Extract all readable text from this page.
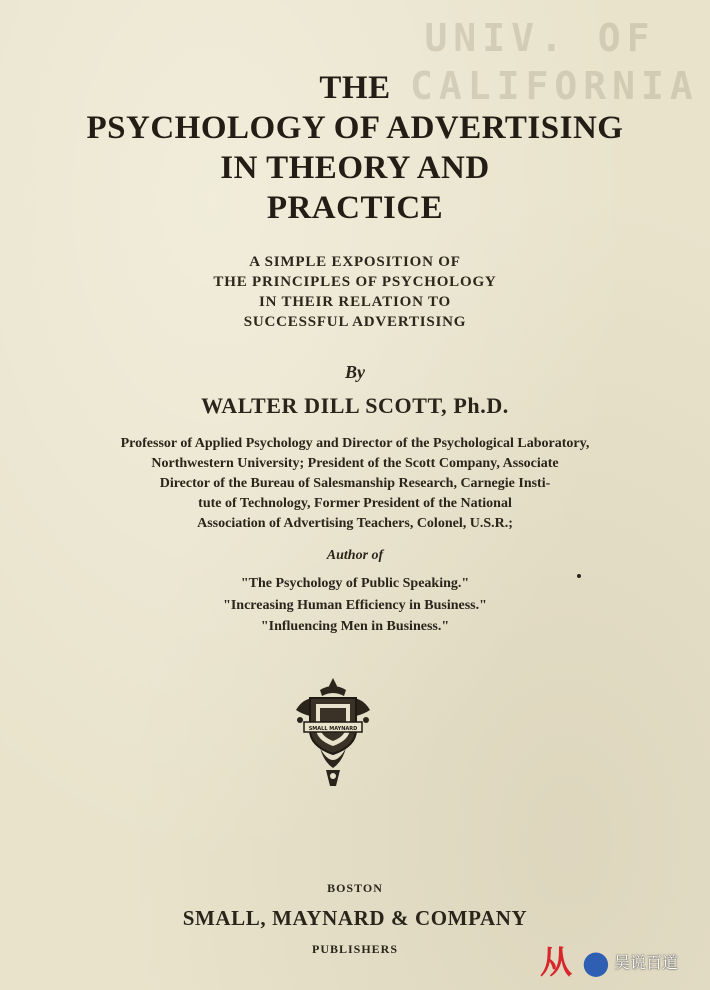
UNIV. OF
CALIFORNIA
THE
PSYCHOLOGY OF ADVERTISING
IN THEORY AND
PRACTICE
A SIMPLE EXPOSITION OF
THE PRINCIPLES OF PSYCHOLOGY
IN THEIR RELATION TO
SUCCESSFUL ADVERTISING
By
WALTER DILL SCOTT, Ph.D.
Professor of Applied Psychology and Director of the Psychological Laboratory,
Northwestern University; President of the Scott Company, Associate
Director of the Bureau of Salesmanship Research, Carnegie Insti-
tute of Technology, Former President of the National
Association of Advertising Teachers, Colonel, U.S.R.;
Author of
"The Psychology of Public Speaking."
"Increasing Human Efficiency in Business."
"Influencing Men in Business."
SMALL MAYNARD
BOSTON
SMALL, MAYNARD & COMPANY
PUBLISHERS	从 ● 吴说百道
